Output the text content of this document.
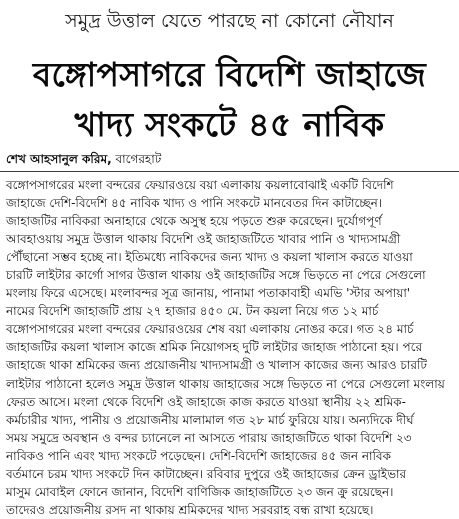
সমুদ্র উত্তাল যেতে পারছে না কোনো নৌযান
বঙ্গোপসাগরে বিদেশি জাহাজে
খাদ্য সংকটে ৪৫ নাবিক
শেখ আহসানুল করিম, বাগেরহাট
বঙ্গোপসাগরের মংলা বন্দরের ফেয়ারওয়ে বয়া এলাকায় কয়লাবোঝাই একটি বিদেশি
জাহাজে দেশি-বিদেশি ৪৫ নাবিক খাদ্য ও পানি সংকটে মানবেতর দিন কাটাচ্ছেন।
জাহাজটির নাবিকরা অনাহারে থেকে অসুস্থ হয়ে পড়তে শুরু করেছেন। দুর্যোগপূর্ণ
আবহাওয়ায় সমুদ্র উত্তাল থাকায় বিদেশি ওই জাহাজটিতে খাবার পানি ও খাদ্যসামগ্রী
পৌঁছানো সম্ভব হচ্ছে না। ইতিমধ্যে নাবিকদের জন্য খাদ্য ও কয়লা খালাস করতে যাওয়া
চারটি লাইটার কার্গো সাগর উত্তাল থাকায় ওই জাহাজটির সঙ্গে ভিড়তে না পেরে সেগুলো
মংলায় ফিরে এসেছে। মংলাবন্দর সূত্র জানায়, পানামা পতাকাবাহী এমভি 'স্টার অপায়া'
নামের বিদেশি জাহাজটি প্রায় ২৭ হাজার ৪৫০ মে. টন কয়লা নিয়ে গত ১২ মার্চ
বঙ্গোপসাগরের মংলা বন্দরের ফেয়ারওয়ের শেষ বয়া এলাকায় নোঙর করে। গত ২৪ মার্চ
জাহাজটির কয়লা খালাস কাজে শ্রমিক নিয়োগসহ দুটি লাইটার জাহাজ পাঠানো হয়। পরে
জাহাজে থাকা শ্রমিকের জন্য প্রয়োজনীয় খাদ্যসামগ্রী ও খালাস কাজের জন্য আরও চারটি
লাইটার পাঠানো হলেও সমুদ্র উত্তাল থাকায় জাহাজের সঙ্গে ভিড়তে না পেরে সেগুলো মংলায়
ফেরত আসে। মংলা থেকে বিদেশি ওই জাহাজে কাজ করতে যাওয়া স্থানীয় ২২ শ্রমিক-
কর্মচারীর খাদ্য, পানীয় ও প্রয়োজনীয় মালামাল গত ২৮ মার্চ ফুরিয়ে যায়। অন্যদিকে দীর্ঘ
সময় সমুদ্রে অবস্থান ও বন্দর চ্যানেলে না আসতে পারায় জাহাজটিতে থাকা বিদেশি ২৩
নাবিকও পানি এবং খাদ্য সংকটে পড়েছেন। দেশি-বিদেশি জাহাজের ৪৫ জন নাবিক
বর্তমানে চরম খাদ্য সংকটে দিন কাটাচ্ছেন। রবিবার দুপুরে ওই জাহাজের ক্রেন ড্রাইভার
মাসুম মোবাইল ফোনে জানান, বিদেশি বাণিজিক জাহাজটিতে ২৩ জন ক্রু রয়েছেন।
তাদেরও প্রয়োজনীয় রসদ না থাকায় শ্রমিকদের খাদ্য সরবরাহ বন্ধ রাখা হয়েছে।
